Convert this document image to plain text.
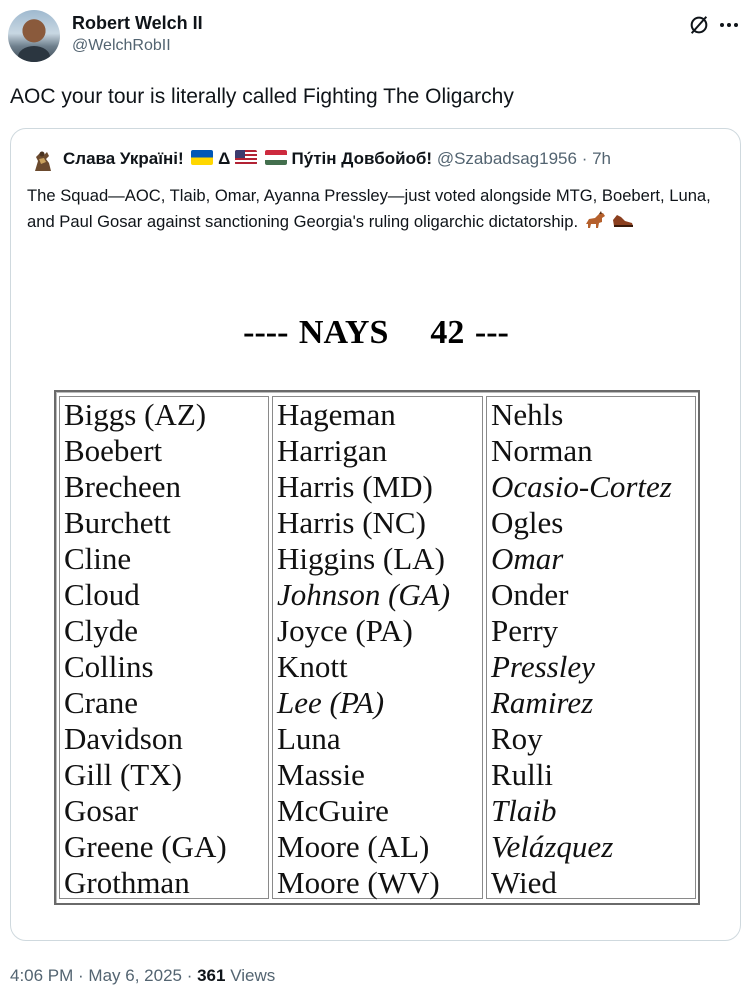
Robert Welch II
@WelchRobII
AOC your tour is literally called Fighting The Oligarchy
Слава Україні! Δ	Пу́тін Довбойоб! @Szabadsag1956 · 7h
The Squad—AOC, Tlaib, Omar, Ayanna Pressley—just voted alongside MTG, Boebert, Luna, and Paul Gosar against sanctioning Georgia's ruling oligarchic dictatorship.
---- NAYS    42 ---
Biggs (AZ)
Boebert
Brecheen
Burchett
Cline
Cloud
Clyde
Collins
Crane
Davidson
Gill (TX)
Gosar
Greene (GA)
Grothman
Hageman
Harrigan
Harris (MD)
Harris (NC)
Higgins (LA)
Johnson (GA)
Joyce (PA)
Knott
Lee (PA)
Luna
Massie
McGuire
Moore (AL)
Moore (WV)
Nehls
Norman
Ocasio-Cortez
Ogles
Omar
Onder
Perry
Pressley
Ramirez
Roy
Rulli
Tlaib
Velázquez
Wied
4:06 PM · May 6, 2025 · 361 Views
